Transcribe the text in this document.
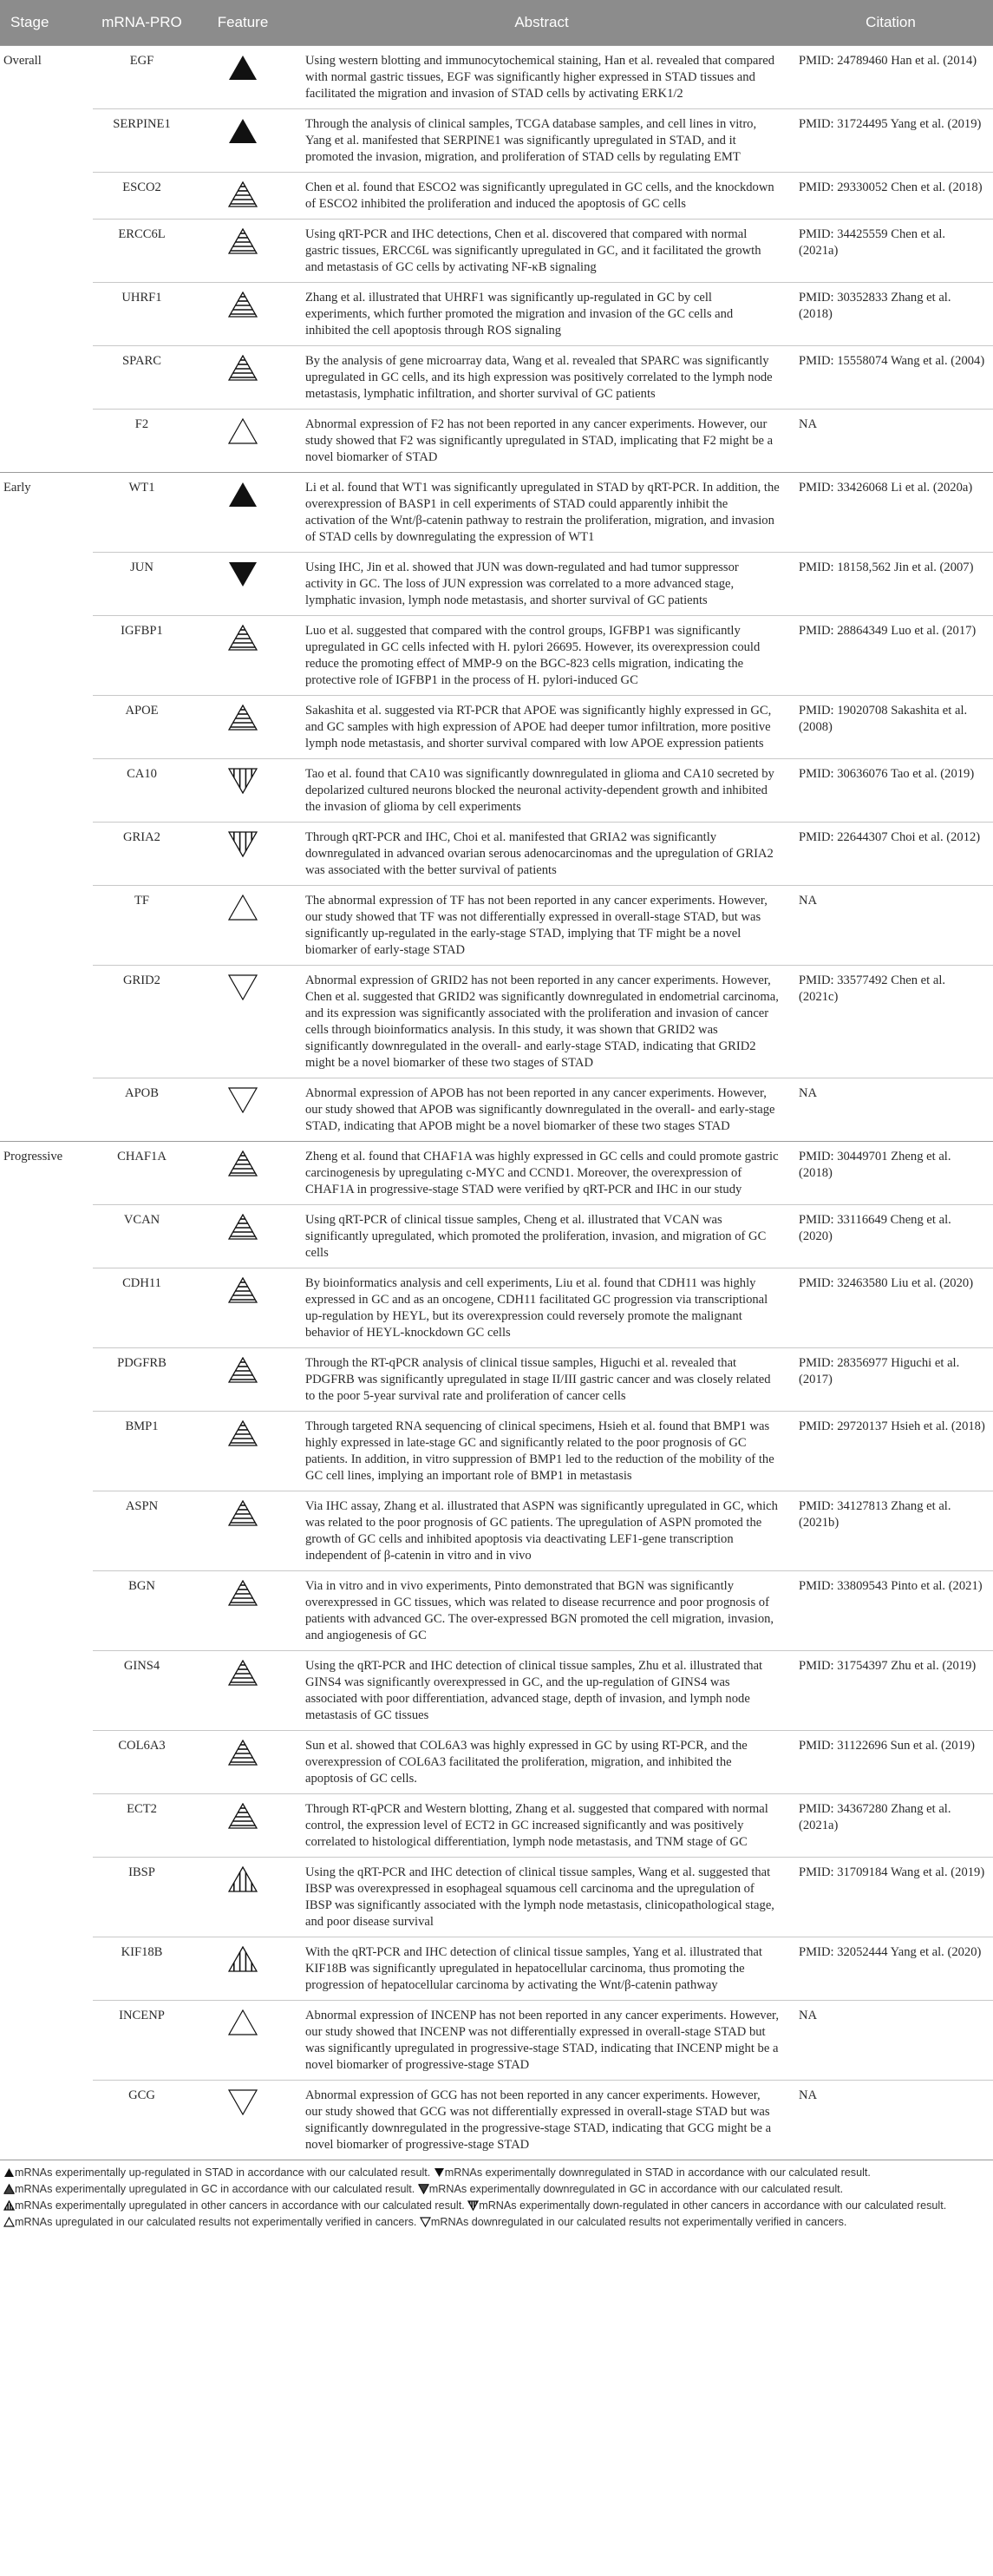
Stage	mRNA-PRO	Feature	Abstract	Citation
Overall	EGF		Using western blotting and immunocytochemical staining, Han et al. revealed that compared with normal gastric tissues, EGF was significantly higher expressed in STAD tissues and facilitated the migration and invasion of STAD cells by activating ERK1/2	PMID: 24789460 Han et al. (2014)
	SERPINE1		Through the analysis of clinical samples, TCGA database samples, and cell lines in vitro, Yang et al. manifested that SERPINE1 was significantly upregulated in STAD, and it promoted the invasion, migration, and proliferation of STAD cells by regulating EMT	PMID: 31724495 Yang et al. (2019)
	ESCO2		Chen et al. found that ESCO2 was significantly upregulated in GC cells, and the knockdown of ESCO2 inhibited the proliferation and induced the apoptosis of GC cells	PMID: 29330052 Chen et al. (2018)
	ERCC6L		Using qRT-PCR and IHC detections, Chen et al. discovered that compared with normal gastric tissues, ERCC6L was significantly upregulated in GC, and it facilitated the growth and metastasis of GC cells by activating NF-κB signaling	PMID: 34425559 Chen et al. (2021a)
	UHRF1		Zhang et al. illustrated that UHRF1 was significantly up-regulated in GC by cell experiments, which further promoted the migration and invasion of the GC cells and inhibited the cell apoptosis through ROS signaling	PMID: 30352833 Zhang et al. (2018)
	SPARC		By the analysis of gene microarray data, Wang et al. revealed that SPARC was significantly upregulated in GC cells, and its high expression was positively correlated to the lymph node metastasis, lymphatic infiltration, and shorter survival of GC patients	PMID: 15558074 Wang et al. (2004)
	F2		Abnormal expression of F2 has not been reported in any cancer experiments. However, our study showed that F2 was significantly upregulated in STAD, implicating that F2 might be a novel biomarker of STAD	NA
Early	WT1		Li et al. found that WT1 was significantly upregulated in STAD by qRT-PCR. In addition, the overexpression of BASP1 in cell experiments of STAD could apparently inhibit the activation of the Wnt/β-catenin pathway to restrain the proliferation, migration, and invasion of STAD cells by downregulating the expression of WT1	PMID: 33426068 Li et al. (2020a)
	JUN		Using IHC, Jin et al. showed that JUN was down-regulated and had tumor suppressor activity in GC. The loss of JUN expression was correlated to a more advanced stage, lymphatic invasion, lymph node metastasis, and shorter survival of GC patients	PMID: 18158,562 Jin et al. (2007)
	IGFBP1		Luo et al. suggested that compared with the control groups, IGFBP1 was significantly upregulated in GC cells infected with H. pylori 26695. However, its overexpression could reduce the promoting effect of MMP-9 on the BGC-823 cells migration, indicating the protective role of IGFBP1 in the process of H. pylori-induced GC	PMID: 28864349 Luo et al. (2017)
	APOE		Sakashita et al. suggested via RT-PCR that APOE was significantly highly expressed in GC, and GC samples with high expression of APOE had deeper tumor infiltration, more positive lymph node metastasis, and shorter survival compared with low APOE expression patients	PMID: 19020708 Sakashita et al. (2008)
	CA10		Tao et al. found that CA10 was significantly downregulated in glioma and CA10 secreted by depolarized cultured neurons blocked the neuronal activity-dependent growth and inhibited the invasion of glioma by cell experiments	PMID: 30636076 Tao et al. (2019)
	GRIA2		Through qRT-PCR and IHC, Choi et al. manifested that GRIA2 was significantly downregulated in advanced ovarian serous adenocarcinomas and the upregulation of GRIA2 was associated with the better survival of patients	PMID: 22644307 Choi et al. (2012)
	TF		The abnormal expression of TF has not been reported in any cancer experiments. However, our study showed that TF was not differentially expressed in overall-stage STAD, but was significantly up-regulated in the early-stage STAD, implying that TF might be a novel biomarker of early-stage STAD	NA
	GRID2		Abnormal expression of GRID2 has not been reported in any cancer experiments. However, Chen et al. suggested that GRID2 was significantly downregulated in endometrial carcinoma, and its expression was significantly associated with the proliferation and invasion of cancer cells through bioinformatics analysis. In this study, it was shown that GRID2 was significantly downregulated in the overall- and early-stage STAD, indicating that GRID2 might be a novel biomarker of these two stages of STAD	PMID: 33577492 Chen et al. (2021c)
	APOB		Abnormal expression of APOB has not been reported in any cancer experiments. However, our study showed that APOB was significantly downregulated in the overall- and early-stage STAD, indicating that APOB might be a novel biomarker of these two stages STAD	NA
Progressive	CHAF1A		Zheng et al. found that CHAF1A was highly expressed in GC cells and could promote gastric carcinogenesis by upregulating c-MYC and CCND1. Moreover, the overexpression of CHAF1A in progressive-stage STAD were verified by qRT-PCR and IHC in our study	PMID: 30449701 Zheng et al. (2018)
	VCAN		Using qRT-PCR of clinical tissue samples, Cheng et al. illustrated that VCAN was significantly upregulated, which promoted the proliferation, invasion, and migration of GC cells	PMID: 33116649 Cheng et al. (2020)
	CDH11		By bioinformatics analysis and cell experiments, Liu et al. found that CDH11 was highly expressed in GC and as an oncogene, CDH11 facilitated GC progression via transcriptional up-regulation by HEYL, but its overexpression could reversely promote the malignant behavior of HEYL-knockdown GC cells	PMID: 32463580 Liu et al. (2020)
	PDGFRB		Through the RT-qPCR analysis of clinical tissue samples, Higuchi et al. revealed that PDGFRB was significantly upregulated in stage II/III gastric cancer and was closely related to the poor 5-year survival rate and proliferation of cancer cells	PMID: 28356977 Higuchi et al. (2017)
	BMP1		Through targeted RNA sequencing of clinical specimens, Hsieh et al. found that BMP1 was highly expressed in late-stage GC and significantly related to the poor prognosis of GC patients. In addition, in vitro suppression of BMP1 led to the reduction of the mobility of the GC cell lines, implying an important role of BMP1 in metastasis	PMID: 29720137 Hsieh et al. (2018)
	ASPN		Via IHC assay, Zhang et al. illustrated that ASPN was significantly upregulated in GC, which was related to the poor prognosis of GC patients. The upregulation of ASPN promoted the growth of GC cells and inhibited apoptosis via deactivating LEF1-gene transcription independent of β-catenin in vitro and in vivo	PMID: 34127813 Zhang et al. (2021b)
	BGN		Via in vitro and in vivo experiments, Pinto demonstrated that BGN was significantly overexpressed in GC tissues, which was related to disease recurrence and poor prognosis of patients with advanced GC. The over-expressed BGN promoted the cell migration, invasion, and angiogenesis of GC	PMID: 33809543 Pinto et al. (2021)
	GINS4		Using the qRT-PCR and IHC detection of clinical tissue samples, Zhu et al. illustrated that GINS4 was significantly overexpressed in GC, and the up-regulation of GINS4 was associated with poor differentiation, advanced stage, depth of invasion, and lymph node metastasis of GC tissues	PMID: 31754397 Zhu et al. (2019)
	COL6A3		Sun et al. showed that COL6A3 was highly expressed in GC by using RT-PCR, and the overexpression of COL6A3 facilitated the proliferation, migration, and inhibited the apoptosis of GC cells.	PMID: 31122696 Sun et al. (2019)
	ECT2		Through RT-qPCR and Western blotting, Zhang et al. suggested that compared with normal control, the expression level of ECT2 in GC increased significantly and was positively correlated to histological differentiation, lymph node metastasis, and TNM stage of GC	PMID: 34367280 Zhang et al. (2021a)
	IBSP		Using the qRT-PCR and IHC detection of clinical tissue samples, Wang et al. suggested that IBSP was overexpressed in esophageal squamous cell carcinoma and the upregulation of IBSP was significantly associated with the lymph node metastasis, clinicopathological stage, and poor disease survival	PMID: 31709184 Wang et al. (2019)
	KIF18B		With the qRT-PCR and IHC detection of clinical tissue samples, Yang et al. illustrated that KIF18B was significantly upregulated in hepatocellular carcinoma, thus promoting the progression of hepatocellular carcinoma by activating the Wnt/β-catenin pathway	PMID: 32052444 Yang et al. (2020)
	INCENP		Abnormal expression of INCENP has not been reported in any cancer experiments. However, our study showed that INCENP was not differentially expressed in overall-stage STAD but was significantly upregulated in progressive-stage STAD, indicating that INCENP might be a novel biomarker of progressive-stage STAD	NA
	GCG		Abnormal expression of GCG has not been reported in any cancer experiments. However, our study showed that GCG was not differentially expressed in overall-stage STAD but was significantly downregulated in the progressive-stage STAD, indicating that GCG might be a novel biomarker of progressive-stage STAD	NA

mRNAs experimentally up-regulated in STAD in accordance with our calculated result. mRNAs experimentally downregulated in STAD in accordance with our calculated result.

mRNAs experimentally upregulated in GC in accordance with our calculated result. mRNAs experimentally downregulated in GC in accordance with our calculated result.

mRNAs experimentally upregulated in other cancers in accordance with our calculated result. mRNAs experimentally down-regulated in other cancers in accordance with our calculated result.

mRNAs upregulated in our calculated results not experimentally verified in cancers. mRNAs downregulated in our calculated results not experimentally verified in cancers.
